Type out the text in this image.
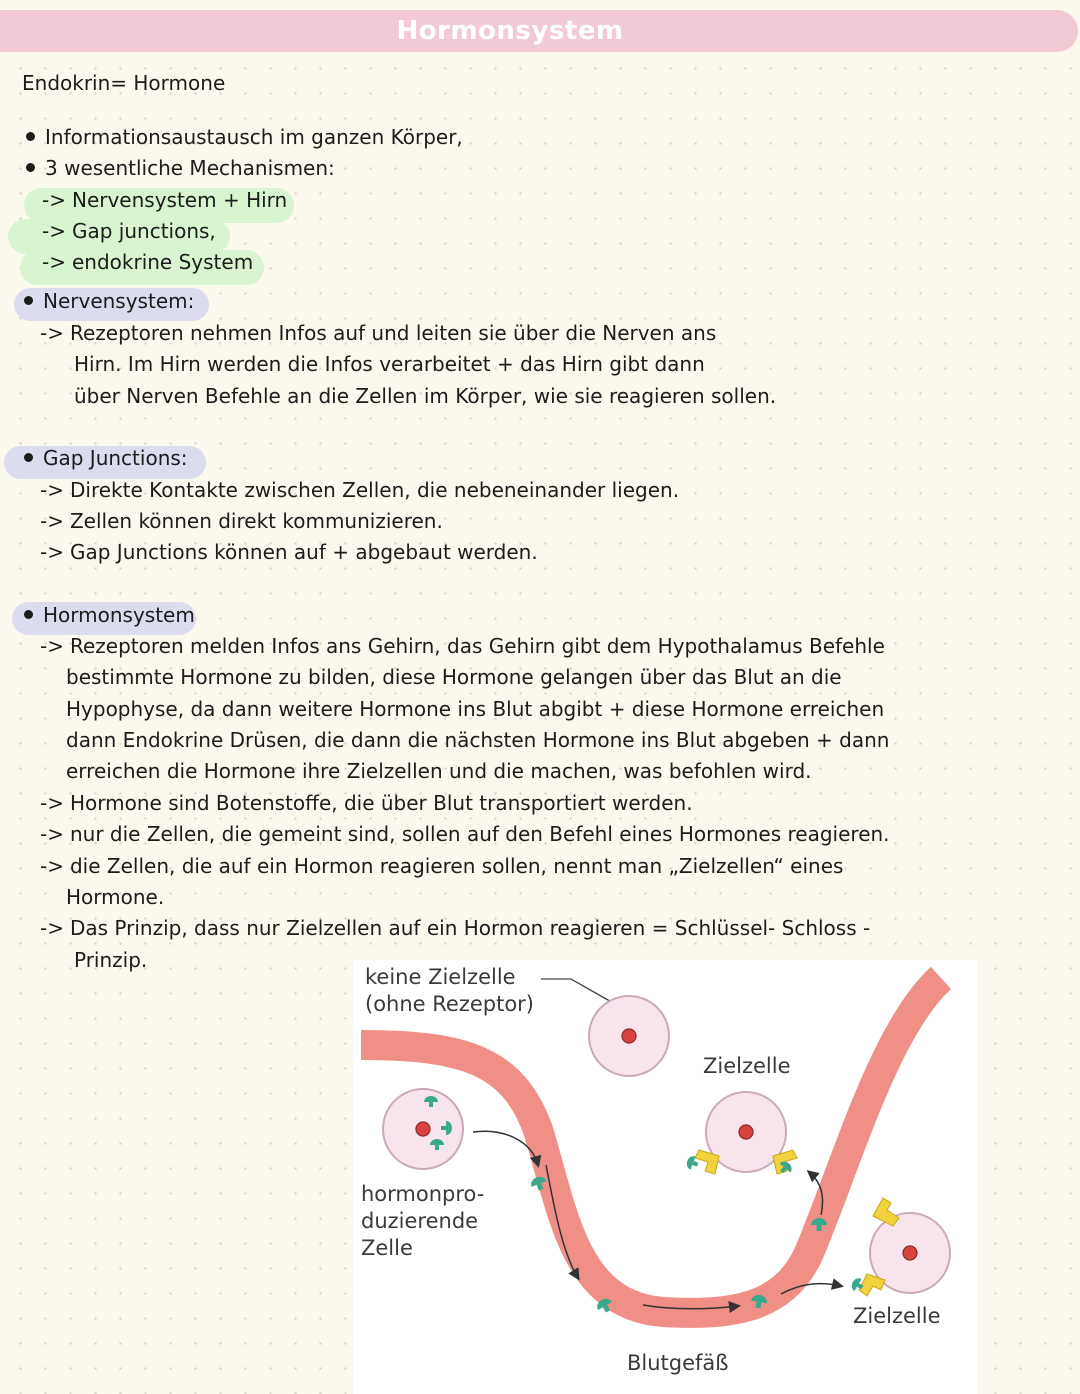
Hormonsystem
Endokrin= Hormone
Informationsaustausch im ganzen Körper,
3 wesentliche Mechanismen:
-> Nervensystem + Hirn
-> Gap junctions,
-> endokrine System
Nervensystem:
-> Rezeptoren nehmen Infos auf und leiten sie über die Nerven ans
Hirn. Im Hirn werden die Infos verarbeitet + das Hirn gibt dann
über Nerven Befehle an die Zellen im Körper, wie sie reagieren sollen.
Gap Junctions:
-> Direkte Kontakte zwischen Zellen, die nebeneinander liegen.
-> Zellen können direkt kommunizieren.
-> Gap Junctions können auf + abgebaut werden.
Hormonsystem
-> Rezeptoren melden Infos ans Gehirn, das Gehirn gibt dem Hypothalamus Befehle
bestimmte Hormone zu bilden, diese Hormone gelangen über das Blut an die
Hypophyse, da dann weitere Hormone ins Blut abgibt + diese Hormone erreichen
dann Endokrine Drüsen, die dann die nächsten Hormone ins Blut abgeben + dann
erreichen die Hormone ihre Zielzellen und die machen, was befohlen wird.
-> Hormone sind Botenstoffe, die über Blut transportiert werden.
-> nur die Zellen, die gemeint sind, sollen auf den Befehl eines Hormones reagieren.
-> die Zellen, die auf ein Hormon reagieren sollen, nennt man „Zielzellen“ eines
Hormone.
-> Das Prinzip, dass nur Zielzellen auf ein Hormon reagieren = Schlüssel- Schloss -
Prinzip.
keine Zielzelle
(ohne Rezeptor)
Zielzelle
hormonpro-
duzierende
Zelle
Zielzelle
Blutgefäß
